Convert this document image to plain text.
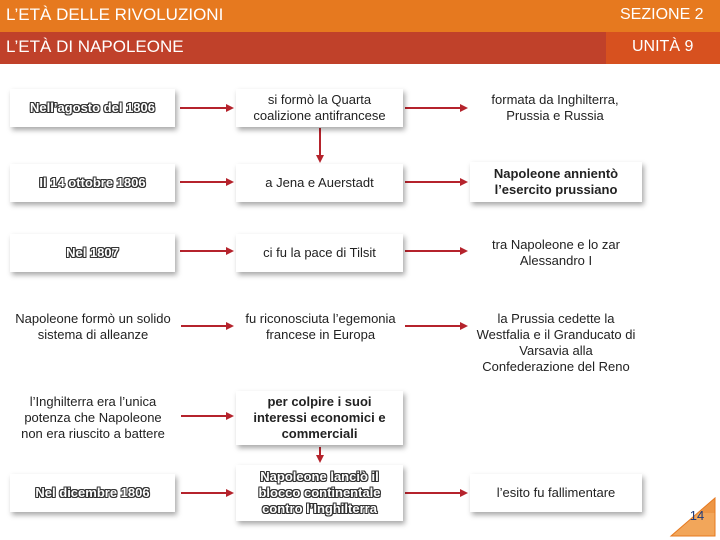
L’ETÀ DELLE RIVOLUZIONI	SEZIONE 2
L’ETÀ DI NAPOLEONE	UNITÀ 9
Nell’agosto del 1806
si formò la Quarta coalizione antifrancese
formata da Inghilterra, Prussia e Russia
Il 14 ottobre 1806	a Jena e Auerstadt
Napoleone annientò l’esercito prussiano
Nel 1807	ci fu la pace di Tilsit
tra Napoleone e lo zar Alessandro I
Napoleone formò un solido sistema di alleanze
fu riconosciuta l’egemonia francese in Europa
la Prussia cedette la Westfalia e il Granducato di Varsavia alla Confederazione del Reno
l’Inghilterra era l’unica potenza che Napoleone non era riuscito a battere
per colpire i suoi interessi economici e commerciali
Nel dicembre 1806
Napoleone lanciò il blocco continentale contro l’Inghilterra
l’esito fu fallimentare
14
